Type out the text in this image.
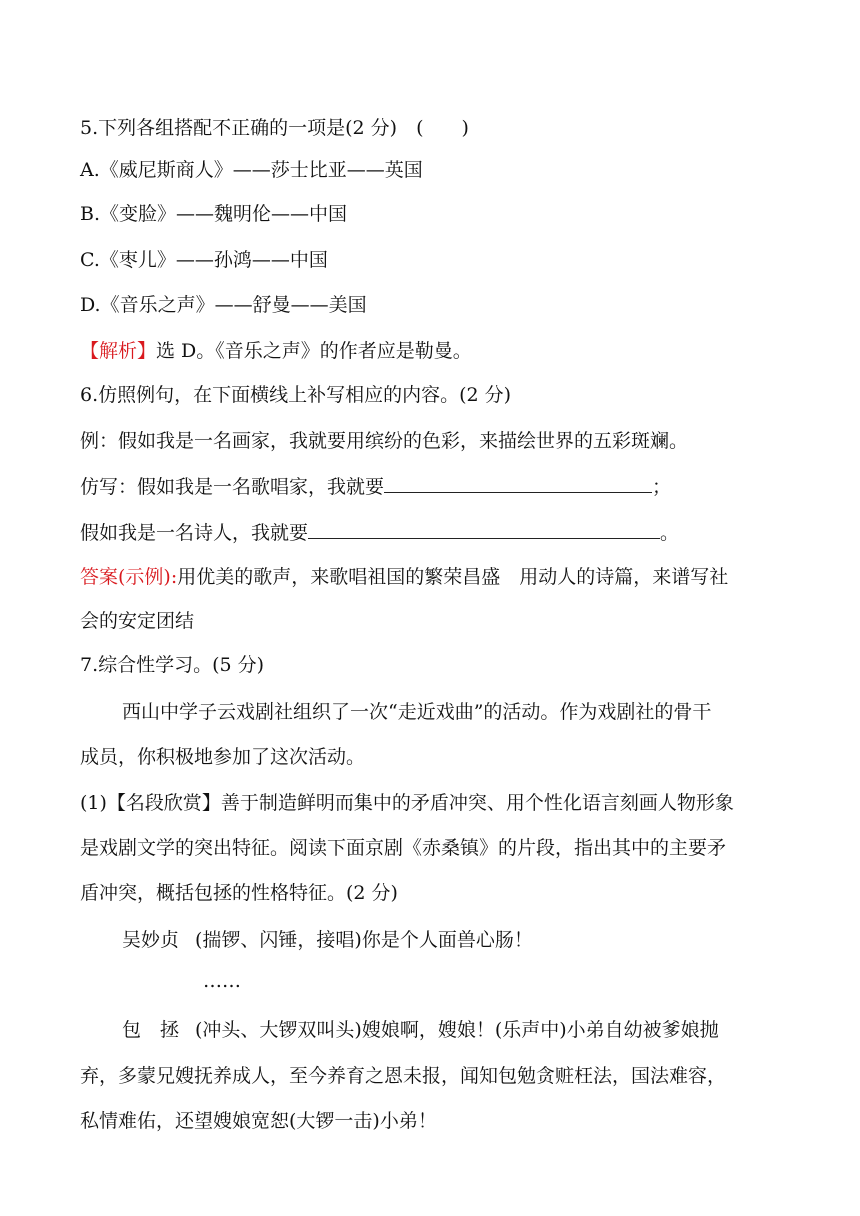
5.下列各组搭配不正确的一项是(2 分)　(　　)
A.《威尼斯商人》——莎士比亚——英国
B.《变脸》——魏明伦——中国
C.《枣儿》——孙鸿——中国
D.《音乐之声》——舒曼——美国
【解析】选 D。《音乐之声》的作者应是勒曼。
6.仿照例句，在下面横线上补写相应的内容。(2 分)
例：假如我是一名画家，我就要用缤纷的色彩，来描绘世界的五彩斑斓。
仿写：假如我是一名歌唱家，我就要	；
假如我是一名诗人，我就要	。
答案(示例):用优美的歌声，来歌唱祖国的繁荣昌盛　用动人的诗篇，来谱写社
会的安定团结
7.综合性学习。(5 分)
西山中学子云戏剧社组织了一次“走近戏曲”的活动。作为戏剧社的骨干
成员，你积极地参加了这次活动。
(1)【名段欣赏】善于制造鲜明而集中的矛盾冲突、用个性化语言刻画人物形象
是戏剧文学的突出特征。阅读下面京剧《赤桑镇》的片段，指出其中的主要矛
盾冲突，概括包拯的性格特征。(2 分)
吴妙贞 (揣锣、闪锤，接唱)你是个人面兽心肠！
……
包　拯 (冲头、大锣双叫头)嫂娘啊，嫂娘！(乐声中)小弟自幼被爹娘抛
弃，多蒙兄嫂抚养成人，至今养育之恩未报，闻知包勉贪赃枉法，国法难容，
私情难佑，还望嫂娘宽恕(大锣一击)小弟！
